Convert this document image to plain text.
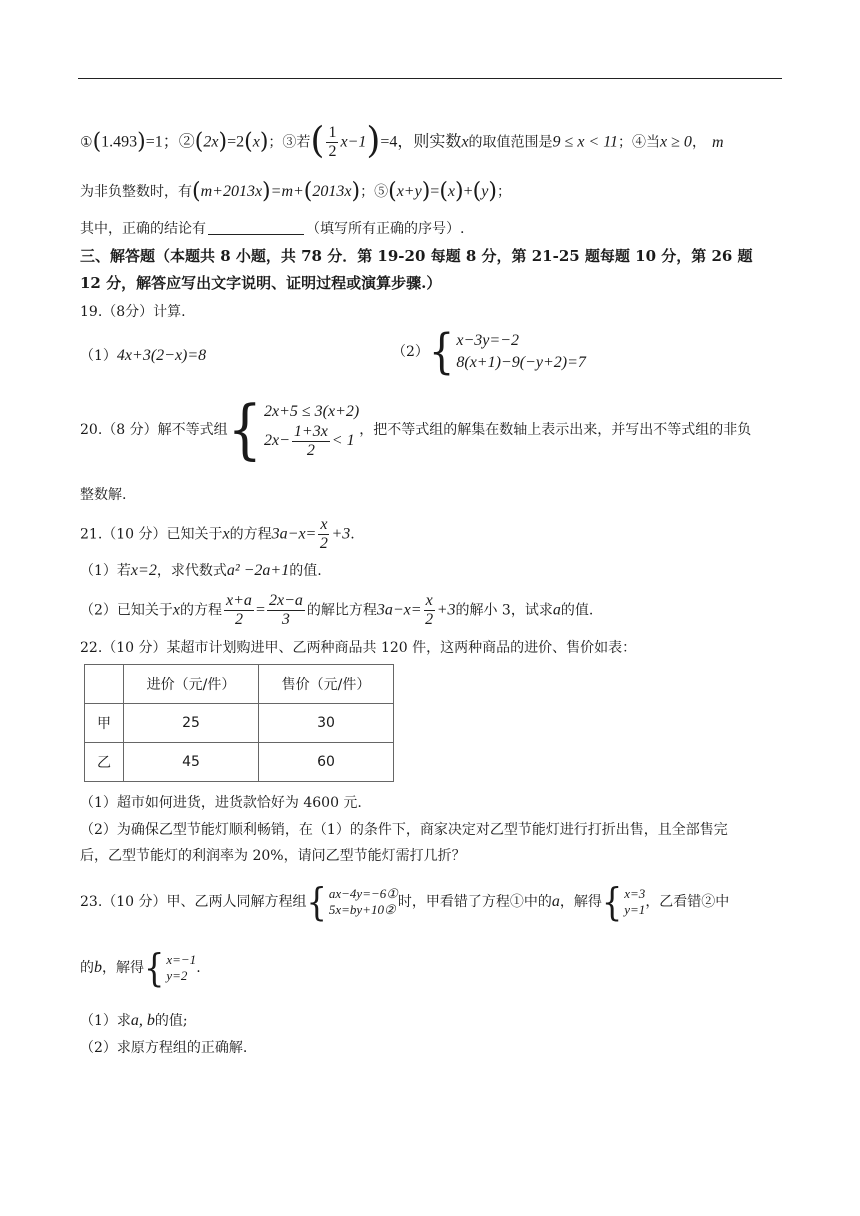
①(1.493)=1；②(2x)=2(x)；③若( $\frac{1}{2} x-1)=4$，则实数x的取值范围是9 ≤ x < 11；④当x ≥ 0， m
为非负整数时，有(m+2013x)=m+(2013x)；⑤(x+y)=(x)+(y)；
其中，正确的结论有	（填写所有正确的序号）.
三、解答题（本题共 8 小题，共 78 分．第 19-20 每题 8 分，第 21-25 题每题 10 分，第 26 题
12 分，解答应写出文字说明、证明过程或演算步骤.）
19.（8分）计算.
（1）4x+3(2−x)=8	（2） { x−3y=−2
8(x+1)−9(−y+2)=7
20.（8 分）解不等式组 { 2x+5 ≤ 3(x+2)
$2x- \frac{1+3x}{2} < 1$
，把不等式组的解集在数轴上表示出来，并写出不等式组的非负
整数解.
21.（10 分）已知关于x的方程$3a-x= \frac{x}{2} +3$.
（1）若x=2，求代数式a² −2a+1的值.
（2）已知关于x的方程 $\frac{x+a}{2} = \frac{2x-a}{3}$ 的解比方程$3a-x= \frac{x}{2} +3$的解小 3，试求a的值.
22.（10 分）某超市计划购进甲、乙两种商品共 120 件，这两种商品的进价、售价如表：
	进价（元/件）	售价（元/件）
甲	25	30
乙	45	60
（1）超市如何进货，进货款恰好为 4600 元.
（2）为确保乙型节能灯顺利畅销，在（1）的条件下，商家决定对乙型节能灯进行打折出售，且全部售完
后，乙型节能灯的利润率为 20%，请问乙型节能灯需打几折？
23.（10 分）甲、乙两人同解方程组 { ax−4y=−6①
5x=by+10② 时，甲看错了方程①中的 a ，解得 { x=3
y=1 ，乙看错②中
的 b ，解得 { x=−1
y=2 .
（1）求a, b的值;
（2）求原方程组的正确解.
